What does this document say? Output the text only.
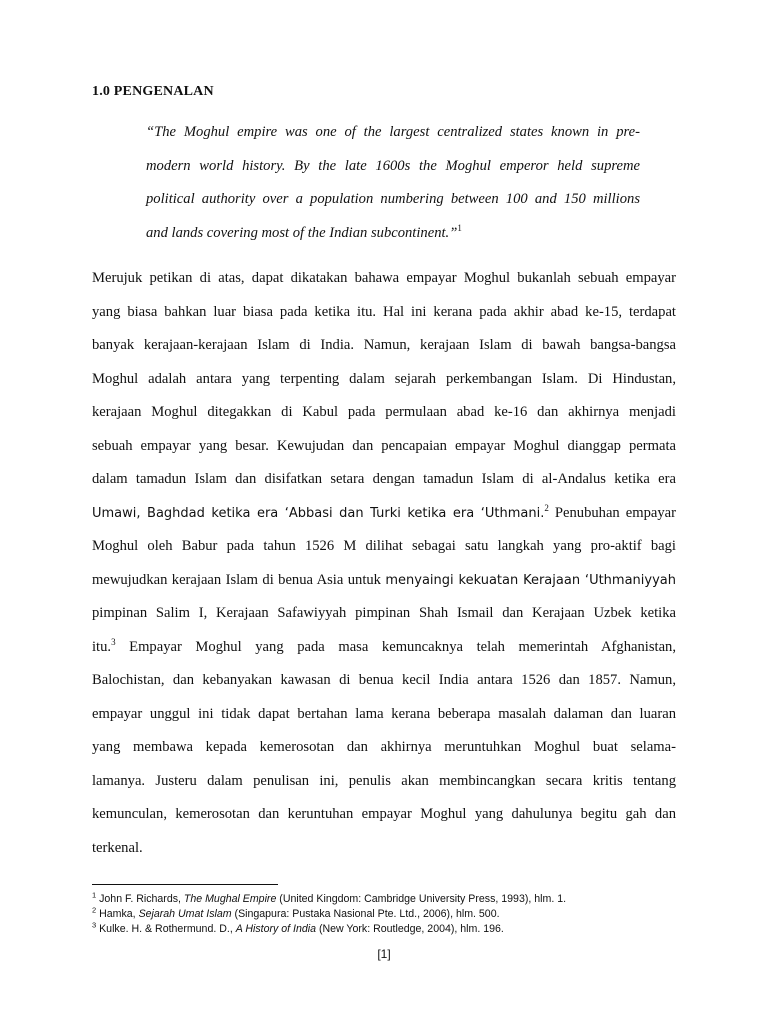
1.0 PENGENALAN
“The Moghul empire was one of the largest centralized states known in pre-
modern world history. By the late 1600s the Moghul emperor held supreme
political authority over a population numbering between 100 and 150 millions
and lands covering most of the Indian subcontinent.”$^1$
Merujuk petikan di atas, dapat dikatakan bahawa empayar Moghul bukanlah sebuah empayar
yang biasa bahkan luar biasa pada ketika itu. Hal ini kerana pada akhir abad ke-15, terdapat
banyak kerajaan-kerajaan Islam di India. Namun, kerajaan Islam di bawah bangsa-bangsa
Moghul adalah antara yang terpenting dalam sejarah perkembangan Islam. Di Hindustan,
kerajaan Moghul ditegakkan di Kabul pada permulaan abad ke-16 dan akhirnya menjadi
sebuah empayar yang besar. Kewujudan dan pencapaian empayar Moghul dianggap permata
dalam tamadun Islam dan disifatkan setara dengan tamadun Islam di al-Andalus ketika era
Umawi, Baghdad ketika era ‘Abbasi dan Turki ketika era ‘Uthmani.$^2$ Penubuhan empayar
Moghul oleh Babur pada tahun 1526 M dilihat sebagai satu langkah yang pro-aktif bagi
mewujudkan kerajaan Islam di benua Asia untuk menyaingi kekuatan Kerajaan ‘Uthmaniyyah
pimpinan Salim I, Kerajaan Safawiyyah pimpinan Shah Ismail dan Kerajaan Uzbek ketika
itu.$^3$ Empayar Moghul yang pada masa kemuncaknya telah memerintah Afghanistan,
Balochistan, dan kebanyakan kawasan di benua kecil India antara 1526 dan 1857. Namun,
empayar unggul ini tidak dapat bertahan lama kerana beberapa masalah dalaman dan luaran
yang membawa kepada kemerosotan dan akhirnya meruntuhkan Moghul buat selama-
lamanya. Justeru dalam penulisan ini, penulis akan membincangkan secara kritis tentang
kemunculan, kemerosotan dan keruntuhan empayar Moghul yang dahulunya begitu gah dan
terkenal.
$^1$ John F. Richards, The Mughal Empire (United Kingdom: Cambridge University Press, 1993), hlm. 1.
$^2$ Hamka, Sejarah Umat Islam (Singapura: Pustaka Nasional Pte. Ltd., 2006), hlm. 500.
$^3$ Kulke. H. & Rothermund. D., A History of India (New York: Routledge, 2004), hlm. 196.
[1]
